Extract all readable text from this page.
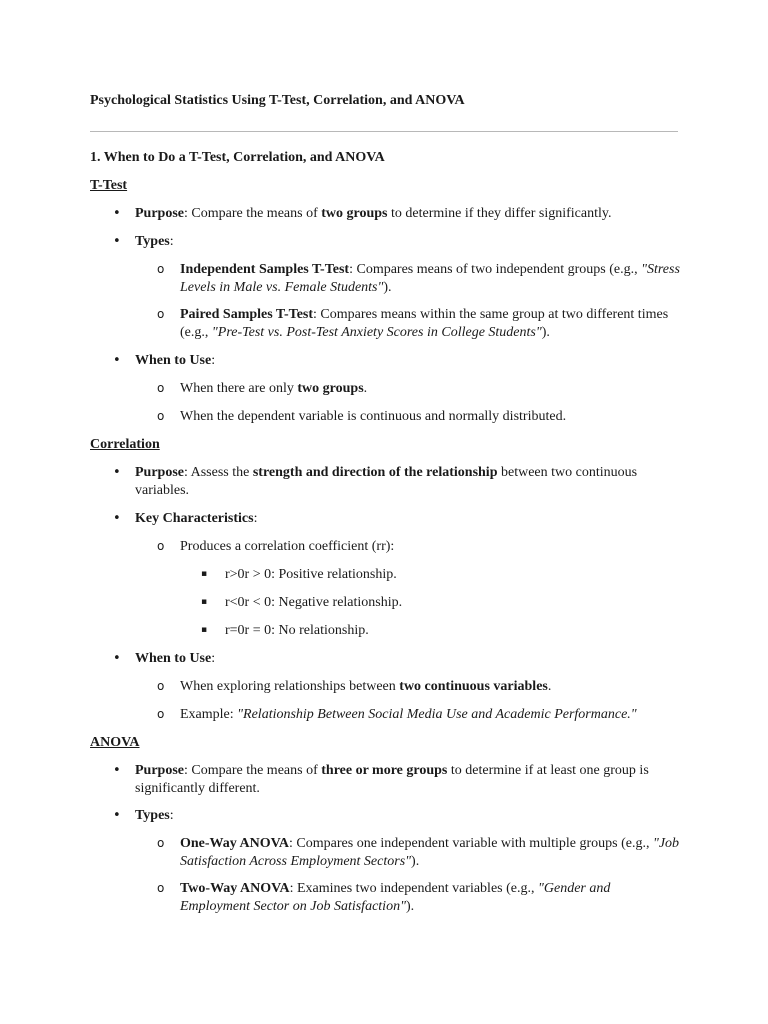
Psychological Statistics Using T-Test, Correlation, and ANOVA
1. When to Do a T-Test, Correlation, and ANOVA
T-Test
• Purpose: Compare the means of two groups to determine if they differ significantly.
• Types:
o Independent Samples T-Test: Compares means of two independent groups (e.g., "Stress Levels in Male vs. Female Students").
o Paired Samples T-Test: Compares means within the same group at two different times (e.g., "Pre-Test vs. Post-Test Anxiety Scores in College Students").
• When to Use:
o When there are only two groups.
o When the dependent variable is continuous and normally distributed.
Correlation
• Purpose: Assess the strength and direction of the relationship between two continuous variables.
• Key Characteristics:
o Produces a correlation coefficient (rr):
▪ r>0r > 0: Positive relationship.
▪ r<0r < 0: Negative relationship.
▪ r=0r = 0: No relationship.
• When to Use:
o When exploring relationships between two continuous variables.
o Example: "Relationship Between Social Media Use and Academic Performance."
ANOVA
• Purpose: Compare the means of three or more groups to determine if at least one group is significantly different.
• Types:
o One-Way ANOVA: Compares one independent variable with multiple groups (e.g., "Job Satisfaction Across Employment Sectors").
o Two-Way ANOVA: Examines two independent variables (e.g., "Gender and Employment Sector on Job Satisfaction").
